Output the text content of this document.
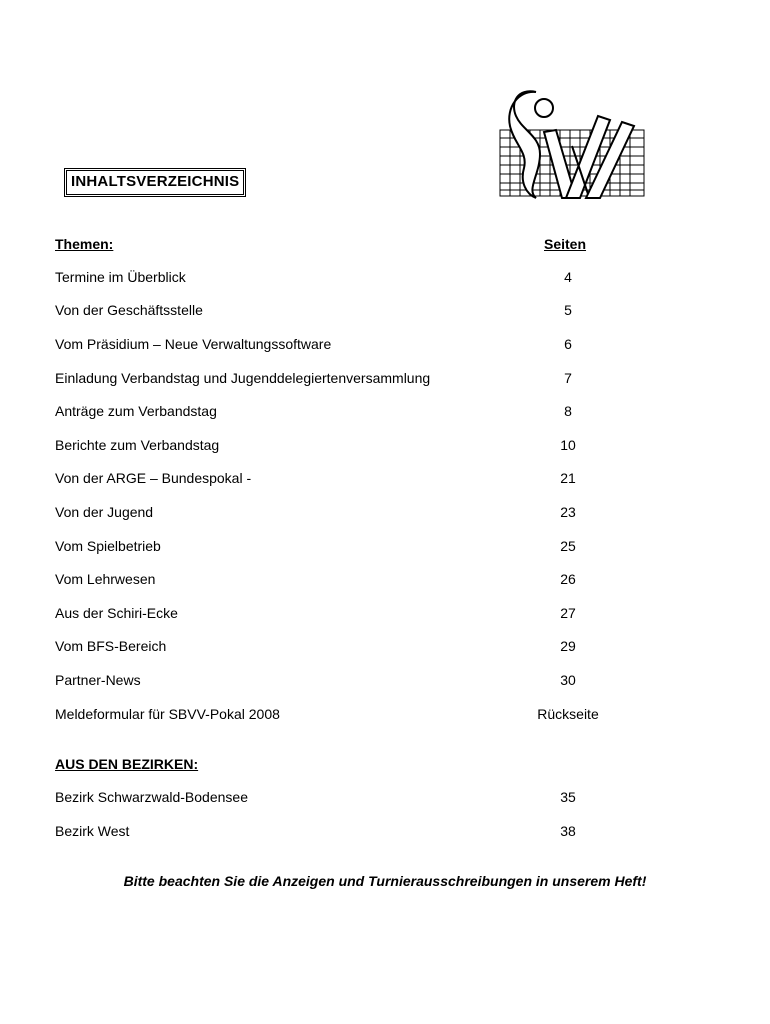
INHALTSVERZEICHNIS
Themen:	Seiten
Termine im Überblick	4
Von der Geschäftsstelle	5
Vom Präsidium – Neue Verwaltungssoftware	6
Einladung Verbandstag und Jugenddelegiertenversammlung	7
Anträge zum Verbandstag	8
Berichte zum Verbandstag	10
Von der ARGE – Bundespokal -	21
Von der Jugend	23
Vom Spielbetrieb	25
Vom Lehrwesen	26
Aus der Schiri-Ecke	27
Vom BFS-Bereich	29
Partner-News	30
Meldeformular für SBVV-Pokal 2008	Rückseite
AUS DEN BEZIRKEN:
Bezirk Schwarzwald-Bodensee	35
Bezirk West	38
Bitte beachten Sie die Anzeigen und Turnierausschreibungen in unserem Heft!
